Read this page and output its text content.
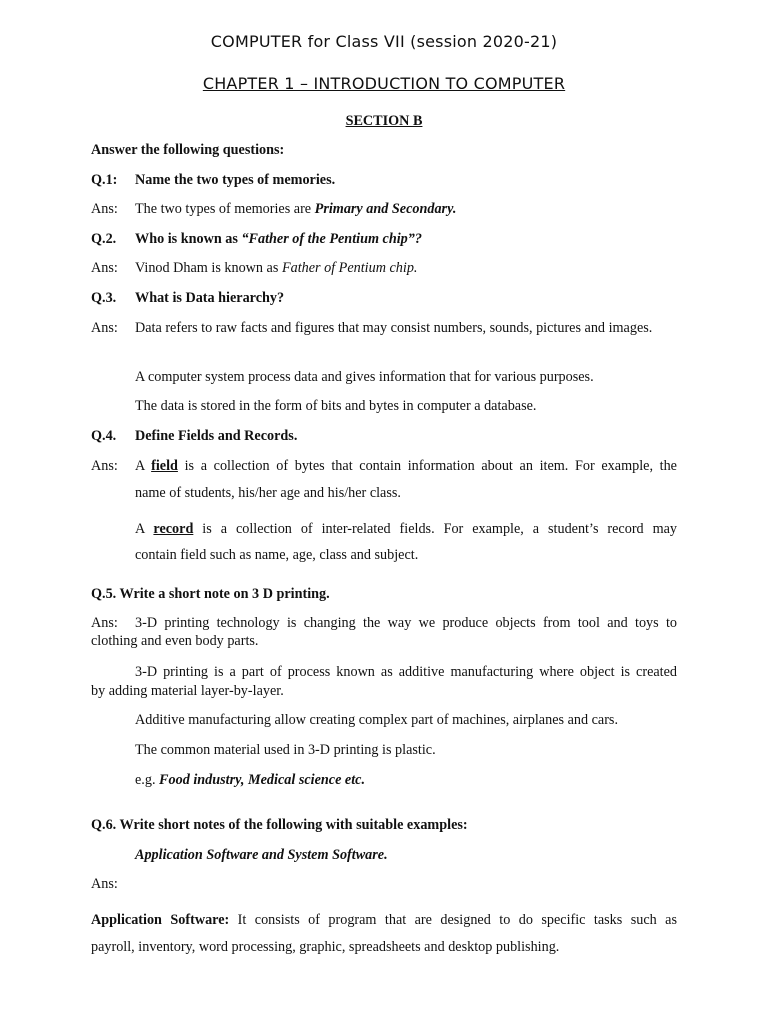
COMPUTER for Class VII (session 2020-21)
CHAPTER 1 – INTRODUCTION TO COMPUTER
SECTION B
Answer the following questions:
Q.1: Name the two types of memories.
Ans: The two types of memories are Primary and Secondary.
Q.2. Who is known as “Father of the Pentium chip”?
Ans: Vinod Dham is known as Father of Pentium chip.
Q.3. What is Data hierarchy?
Ans: Data refers to raw facts and figures that may consist numbers, sounds, pictures and images.
A computer system process data and gives information that for various purposes.
The data is stored in the form of bits and bytes in computer a database.
Q.4. Define Fields and Records.
Ans: A field is a collection of bytes that contain information about an item. For example, the
name of students, his/her age and his/her class.
A record is a collection of inter-related fields. For example, a student’s record may
contain field such as name, age, class and subject.
Q.5. Write a short note on 3 D printing.
Ans: 3-D printing technology is changing the way we produce objects from tool and toys to
clothing and even body parts.
3-D printing is a part of process known as additive manufacturing where object is created
by adding material layer-by-layer.
Additive manufacturing allow creating complex part of machines, airplanes and cars.
The common material used in 3-D printing is plastic.
e.g. Food industry, Medical science etc.
Q.6. Write short notes of the following with suitable examples:
Application Software and System Software.
Ans:
Application Software: It consists of program that are designed to do specific tasks such as
payroll, inventory, word processing, graphic, spreadsheets and desktop publishing.
